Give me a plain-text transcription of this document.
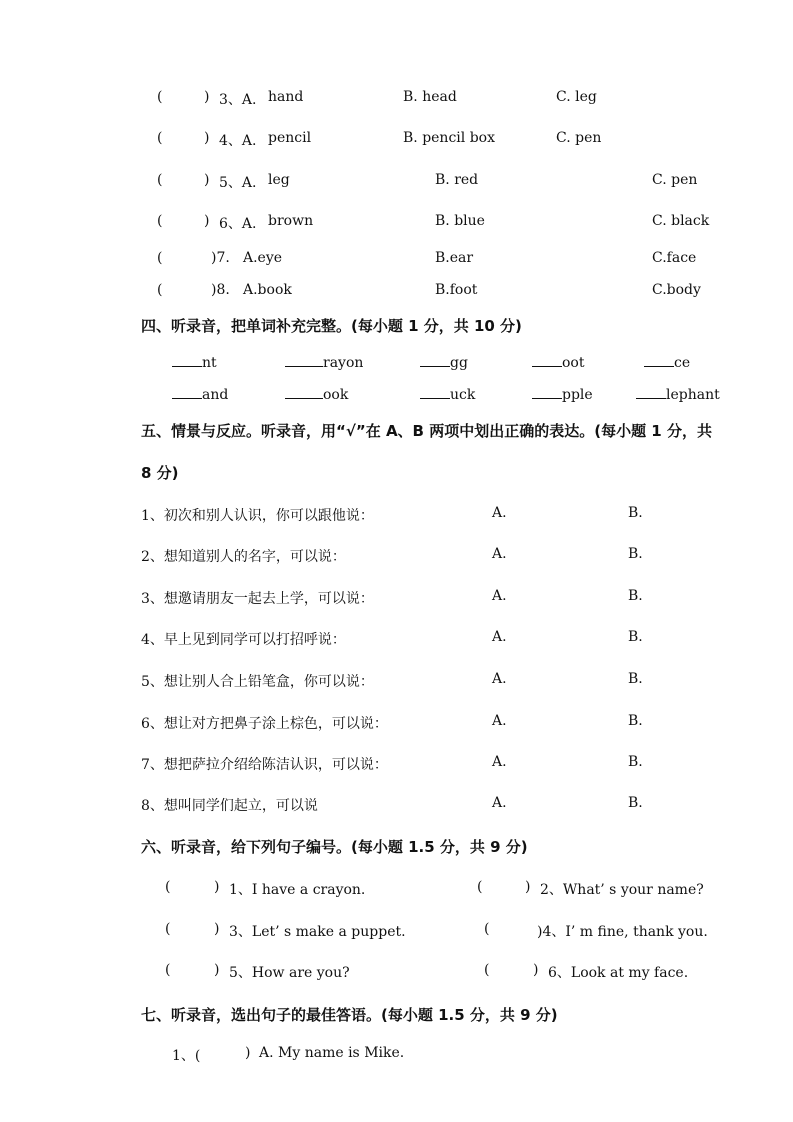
(	) 3、A. hand	B. head	C. leg
(	) 4、A. pencil	B. pencil box	C. pen
(	) 5、A. leg	B. red	C. pen
(	) 6、A. brown	B. blue	C. black
(	)7. A.eye	B.ear	C.face
(	)8. A.book	B.foot	C.body
四、听录音，把单词补充完整。(每小题 1 分，共 10 分)
nt	rayon	gg	oot	ce
and	ook	uck	pple	lephant
五、情景与反应。听录音，用“√”在 A、B 两项中划出正确的表达。(每小题 1 分，共
8 分)
1、初次和别人认识，你可以跟他说：	A.	B.
2、想知道别人的名字，可以说：	A.	B.
3、想邀请朋友一起去上学，可以说：	A.	B.
4、早上见到同学可以打招呼说：	A.	B.
5、想让别人合上铅笔盒，你可以说：	A.	B.
6、想让对方把鼻子涂上棕色，可以说：	A.	B.
7、想把萨拉介绍给陈洁认识，可以说：	A.	B.
8、想叫同学们起立，可以说	A.	B.
六、听录音，给下列句子编号。(每小题 1.5 分，共 9 分)
(	) 1、I have a crayon.	(	) 2、What’ s your name?
(	) 3、Let’ s make a puppet.	(	)4、I’ m fine, thank you.
(	) 5、How are you?	(	) 6、Look at my face.
七、听录音，选出句子的最佳答语。(每小题 1.5 分，共 9 分)
1、(	) A. My name is Mike.
